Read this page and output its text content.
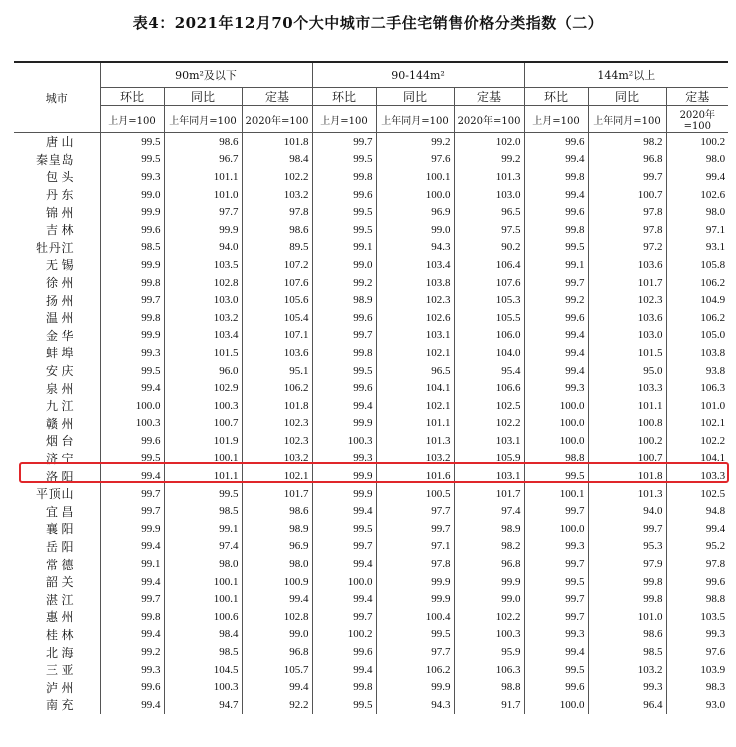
表4：2021年12月70个大中城市二手住宅销售价格分类指数（二）
城市	90m²及以下			90-144m²			144m²以上		
	环比	同比	定基	环比	同比	定基	环比	同比	定基
	上月=100	上年同月=100	2020年=100	上月=100	上年同月=100	2020年=100	上月=100	上年同月=100	2020年=100
唐山	99.5	98.6	101.8	99.7	99.2	102.0	99.6	98.2	100.2
秦皇岛	99.5	96.7	98.4	99.5	97.6	99.2	99.4	96.8	98.0
包头	99.3	101.1	102.2	99.8	100.1	101.3	99.8	99.7	99.4
丹东	99.0	101.0	103.2	99.6	100.0	103.0	99.4	100.7	102.6
锦州	99.9	97.7	97.8	99.5	96.9	96.5	99.6	97.8	98.0
吉林	99.6	99.9	98.6	99.5	99.0	97.5	99.8	97.8	97.1
牡丹江	98.5	94.0	89.5	99.1	94.3	90.2	99.5	97.2	93.1
无锡	99.9	103.5	107.2	99.0	103.4	106.4	99.1	103.6	105.8
徐州	99.8	102.8	107.6	99.2	103.8	107.6	99.7	101.7	106.2
扬州	99.7	103.0	105.6	98.9	102.3	105.3	99.2	102.3	104.9
温州	99.8	103.2	105.4	99.6	102.6	105.5	99.6	103.6	106.2
金华	99.9	103.4	107.1	99.7	103.1	106.0	99.4	103.0	105.0
蚌埠	99.3	101.5	103.6	99.8	102.1	104.0	99.4	101.5	103.8
安庆	99.5	96.0	95.1	99.5	96.5	95.4	99.4	95.0	93.8
泉州	99.4	102.9	106.2	99.6	104.1	106.6	99.3	103.3	106.3
九江	100.0	100.3	101.8	99.4	102.1	102.5	100.0	101.1	101.0
赣州	100.3	100.7	102.3	99.9	101.1	102.2	100.0	100.8	102.1
烟台	99.6	101.9	102.3	100.3	101.3	103.1	100.0	100.2	102.2
济宁	99.5	100.1	103.2	99.3	103.2	105.9	98.8	100.7	104.1
洛阳	99.4	101.1	102.1	99.9	101.6	103.1	99.5	101.8	103.3
平顶山	99.7	99.5	101.7	99.9	100.5	101.7	100.1	101.3	102.5
宜昌	99.7	98.5	98.6	99.4	97.7	97.4	99.7	94.0	94.8
襄阳	99.9	99.1	98.9	99.5	99.7	98.9	100.0	99.7	99.4
岳阳	99.4	97.4	96.9	99.7	97.1	98.2	99.3	95.3	95.2
常德	99.1	98.0	98.0	99.4	97.8	96.8	99.7	97.9	97.8
韶关	99.4	100.1	100.9	100.0	99.9	99.9	99.5	99.8	99.6
湛江	99.7	100.1	99.4	99.4	99.9	99.0	99.7	99.8	98.8
惠州	99.8	100.6	102.8	99.7	100.4	102.2	99.7	101.0	103.5
桂林	99.4	98.4	99.0	100.2	99.5	100.3	99.3	98.6	99.3
北海	99.2	98.5	96.8	99.6	97.7	95.9	99.4	98.5	97.6
三亚	99.3	104.5	105.7	99.4	106.2	106.3	99.5	103.2	103.9
泸州	99.6	100.3	99.4	99.8	99.9	98.8	99.6	99.3	98.3
南充	99.4	94.7	92.2	99.5	94.3	91.7	100.0	96.4	93.0
